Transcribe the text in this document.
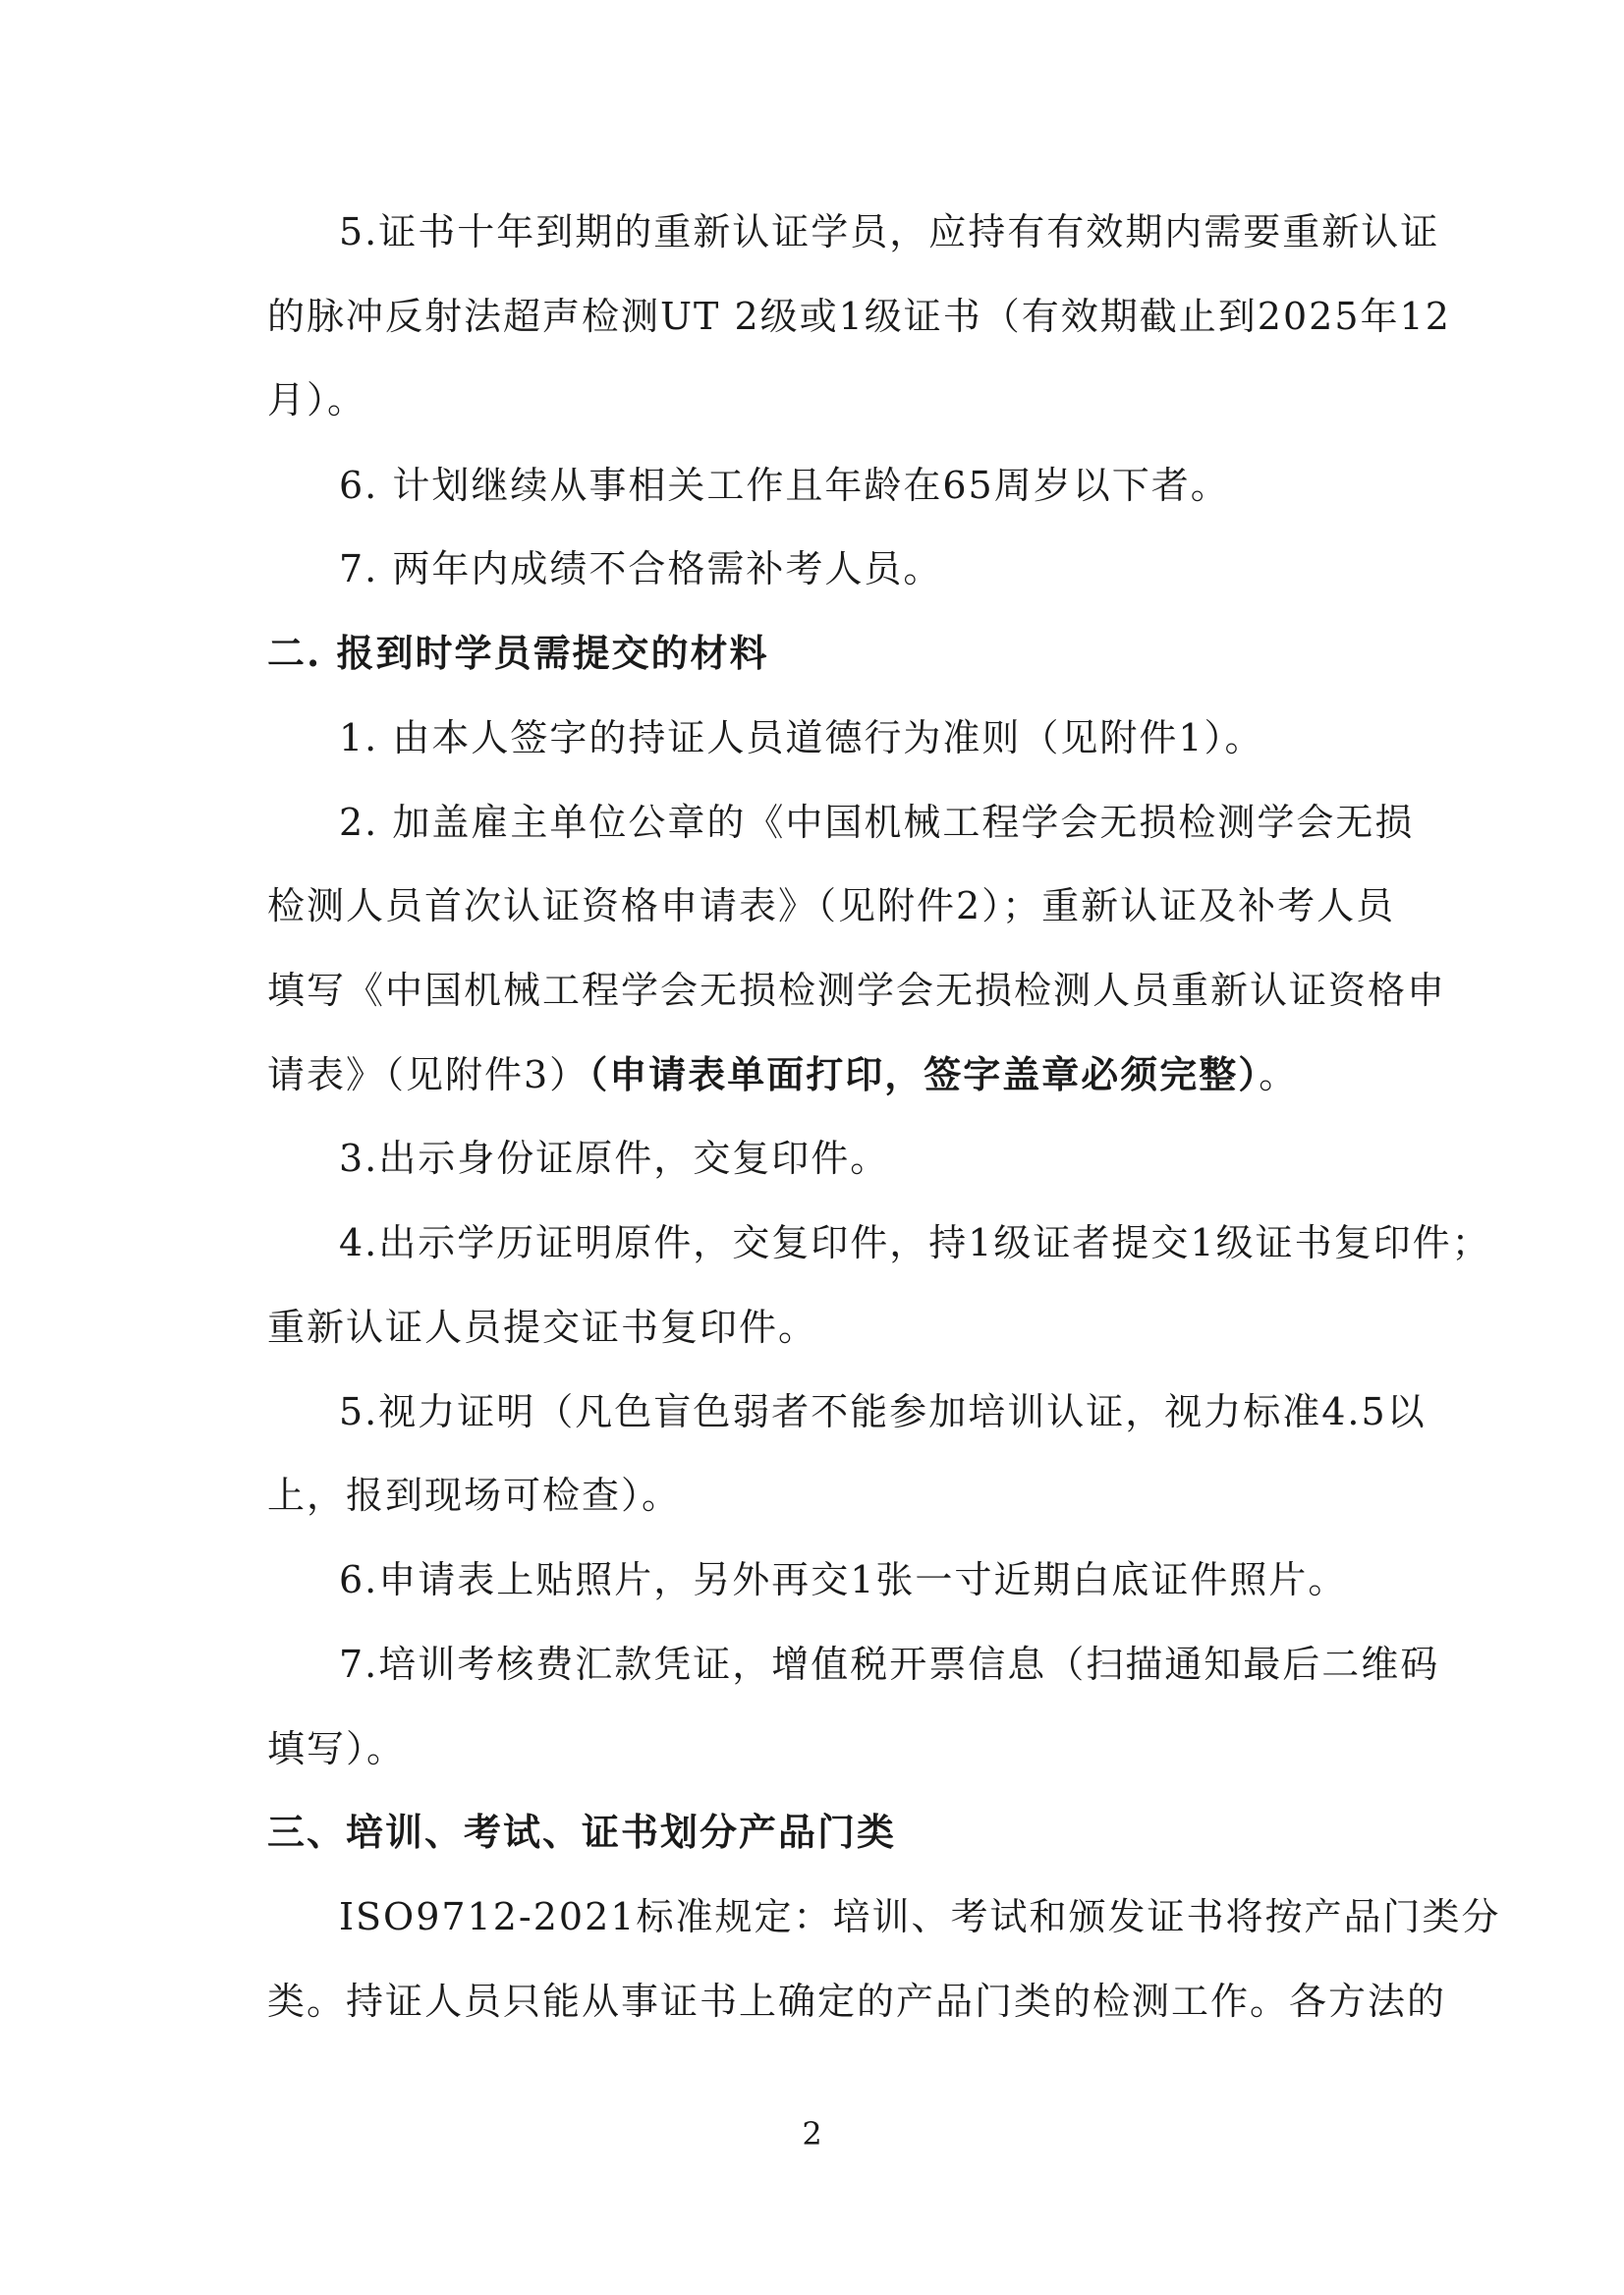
5.证书十年到期的重新认证学员，应持有有效期内需要重新认证
的脉冲反射法超声检测UT 2级或1级证书（有效期截止到2025年12
月）。
6. 计划继续从事相关工作且年龄在65周岁以下者。
7. 两年内成绩不合格需补考人员。
二. 报到时学员需提交的材料
1. 由本人签字的持证人员道德行为准则（见附件1）。
2. 加盖雇主单位公章的《中国机械工程学会无损检测学会无损
检测人员首次认证资格申请表》（见附件2）；重新认证及补考人员
填写《中国机械工程学会无损检测学会无损检测人员重新认证资格申
请表》（见附件3）（申请表单面打印，签字盖章必须完整）。
3.出示身份证原件，交复印件。
4.出示学历证明原件，交复印件，持1级证者提交1级证书复印件；
重新认证人员提交证书复印件。
5.视力证明（凡色盲色弱者不能参加培训认证，视力标准4.5以
上，报到现场可检查）。
6.申请表上贴照片，另外再交1张一寸近期白底证件照片。
7.培训考核费汇款凭证，增值税开票信息（扫描通知最后二维码
填写）。
三、培训、考试、证书划分产品门类
ISO9712-2021标准规定：培训、考试和颁发证书将按产品门类分
类。持证人员只能从事证书上确定的产品门类的检测工作。各方法的
2
